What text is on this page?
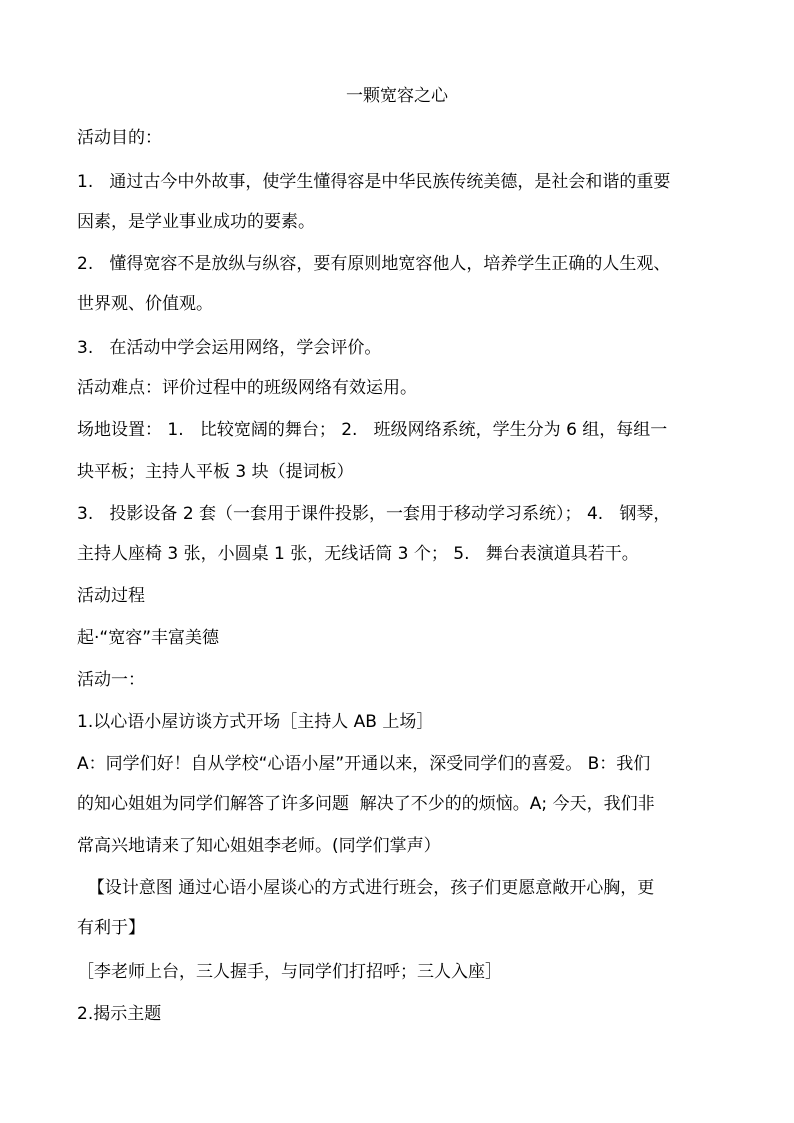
一颗宽容之心
活动目的：
1.   通过古今中外故事，使学生懂得容是中华民族传统美德，是社会和谐的重要
因素，是学业事业成功的要素。
2.   懂得宽容不是放纵与纵容，要有原则地宽容他人，培养学生正确的人生观、
世界观、价值观。
3.   在活动中学会运用网络，学会评价。
活动难点：评价过程中的班级网络有效运用。
场地设置： 1.   比较宽阔的舞台； 2.   班级网络系统，学生分为 6 组，每组一
块平板；主持人平板 3 块（提词板）
3.   投影设备 2 套（一套用于课件投影，一套用于移动学习系统）； 4.   钢琴，
主持人座椅 3 张，小圆桌 1 张，无线话筒 3 个； 5.   舞台表演道具若干。
活动过程
起·“宽容”丰富美德
活动一：
1.以心语小屋访谈方式开场［主持人 AB 上场］
A：同学们好！自从学校“心语小屋”开通以来，深受同学们的喜爱。 B：我们
的知心姐姐为同学们解答了许多问题  解决了不少的的烦恼。A; 今天，我们非
常高兴地请来了知心姐姐李老师。(同学们掌声）
【设计意图 通过心语小屋谈心的方式进行班会，孩子们更愿意敞开心胸，更
有利于】
［李老师上台，三人握手，与同学们打招呼；三人入座］
2.揭示主题
